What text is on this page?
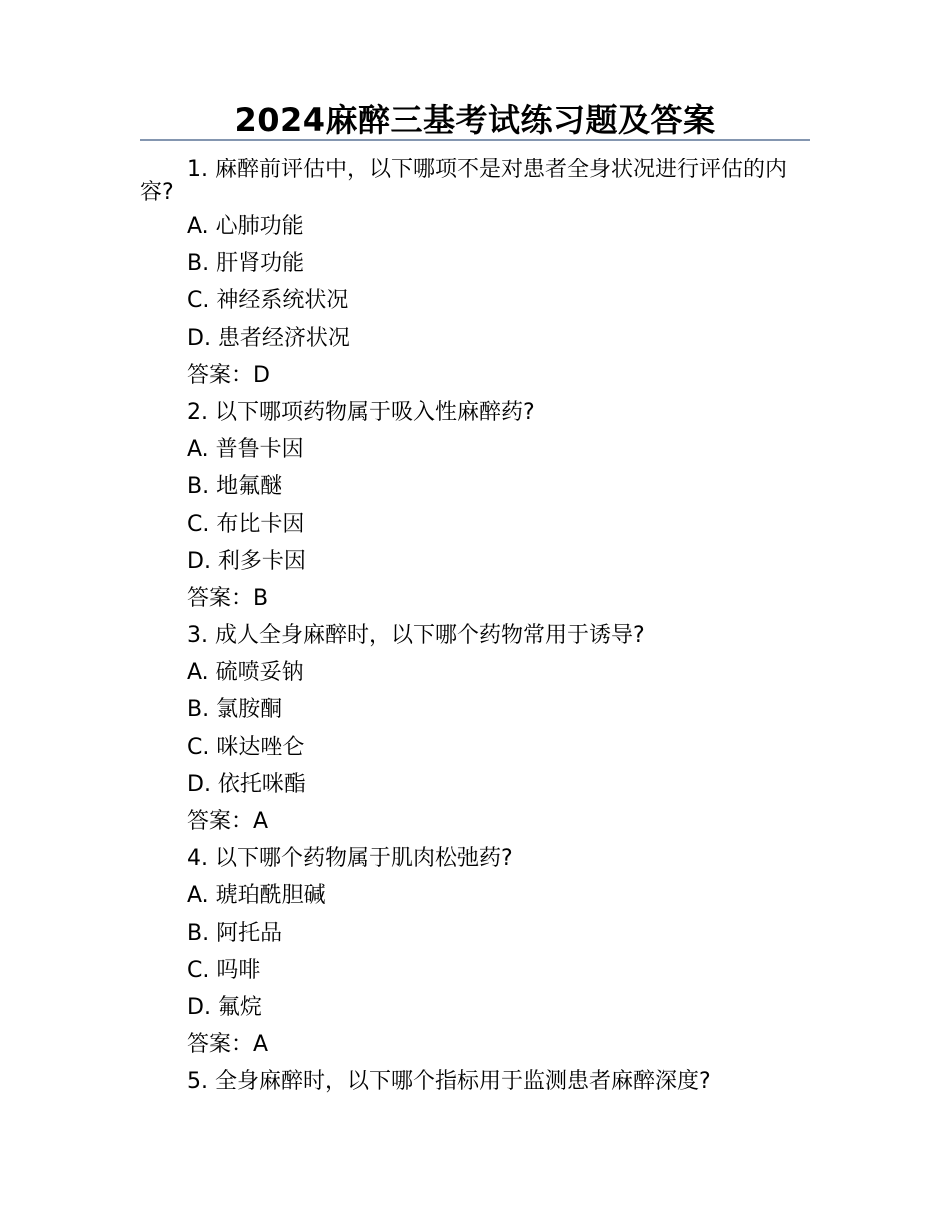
2024麻醉三基考试练习题及答案

1. 麻醉前评估中，以下哪项不是对患者全身状况进行评估的内容?

A. 心肺功能
B. 肝肾功能
C. 神经系统状况
D. 患者经济状况
答案：D
2. 以下哪项药物属于吸入性麻醉药?
A. 普鲁卡因
B. 地氟醚
C. 布比卡因
D. 利多卡因
答案：B
3. 成人全身麻醉时，以下哪个药物常用于诱导?
A. 硫喷妥钠
B. 氯胺酮
C. 咪达唑仑
D. 依托咪酯
答案：A
4. 以下哪个药物属于肌肉松弛药?
A. 琥珀酰胆碱
B. 阿托品
C. 吗啡
D. 氟烷
答案：A
5. 全身麻醉时，以下哪个指标用于监测患者麻醉深度?
